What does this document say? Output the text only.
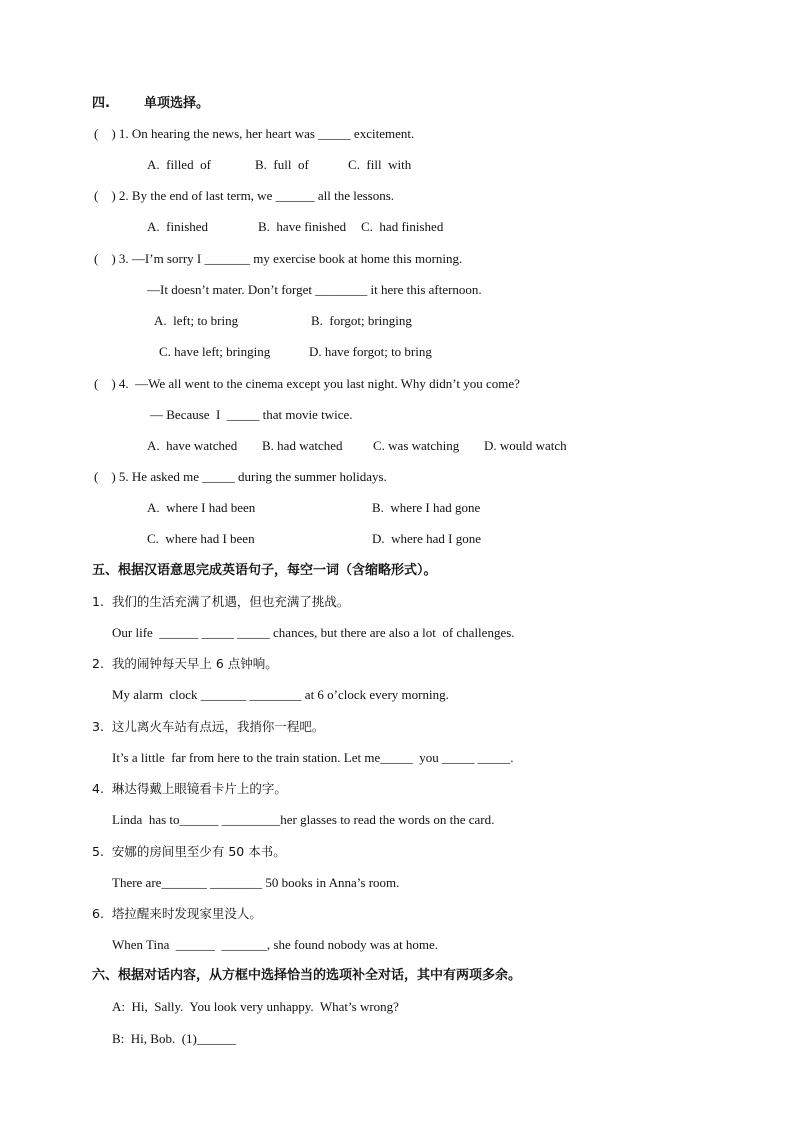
四.	单项选择。
(    ) 1. On hearing the news, her heart was _____ excitement.
A.  filled  of	B.  full  of	C.  fill  with
(    ) 2. By the end of last term, we ______ all the lessons.
A.  finished	B.  have finished C.  had finished
(    ) 3. —I’m sorry I _______ my exercise book at home this morning.
—It doesn’t mater. Don’t forget ________ it here this afternoon.
A.  left; to bring	B.  forgot; bringing
C. have left; bringing	D. have forgot; to bring
(    ) 4.  —We all went to the cinema except you last night. Why didn’t you come?
— Because  I  _____ that movie twice.
A.  have watched B. had watched C. was watching D. would watch
(    ) 5. He asked me _____ during the summer holidays.
A.  where I had been	B.  where I had gone
C.  where had I been	D.  where had I gone
五、根据汉语意思完成英语句子，每空一词（含缩略形式）。
1.  我们的生活充满了机遇，但也充满了挑战。
Our life  ______ _____ _____ chances, but there are also a lot  of challenges.
2.  我的闹钟每天早上 6 点钟响。
My alarm  clock _______ ________ at 6 o’clock every morning.
3.  这儿离火车站有点远，我捎你一程吧。
It’s a little  far from here to the train station. Let me_____  you _____ _____.
4.  琳达得戴上眼镜看卡片上的字。
Linda  has to______ _________her glasses to read the words on the card.
5.  安娜的房间里至少有 50 本书。
There are_______ ________ 50 books in Anna’s room.
6.  塔拉醒来时发现家里没人。
When Tina  ______  _______, she found nobody was at home.
六、根据对话内容，从方框中选择恰当的选项补全对话，其中有两项多余。
A:  Hi,  Sally.  You look very unhappy.  What’s wrong?
B:  Hi, Bob.  (1)______
